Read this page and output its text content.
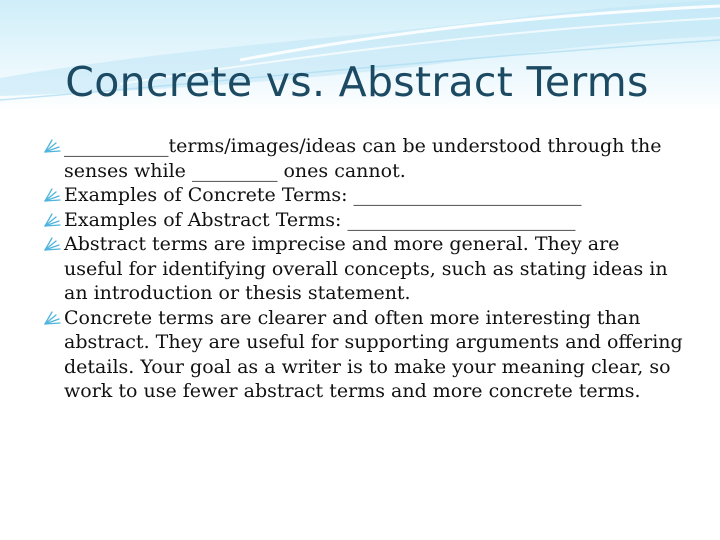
Concrete vs. Abstract Terms
___________terms/images/ideas can be understood through the senses while _________ ones cannot.
Examples of Concrete Terms: ________________________
Examples of Abstract Terms: ________________________
Abstract terms are imprecise and more general. They are useful for identifying overall concepts, such as stating ideas in an introduction or thesis statement.
Concrete terms are clearer and often more interesting than abstract. They are useful for supporting arguments and offering details. Your goal as a writer is to make your meaning clear, so work to use fewer abstract terms and more concrete terms.
